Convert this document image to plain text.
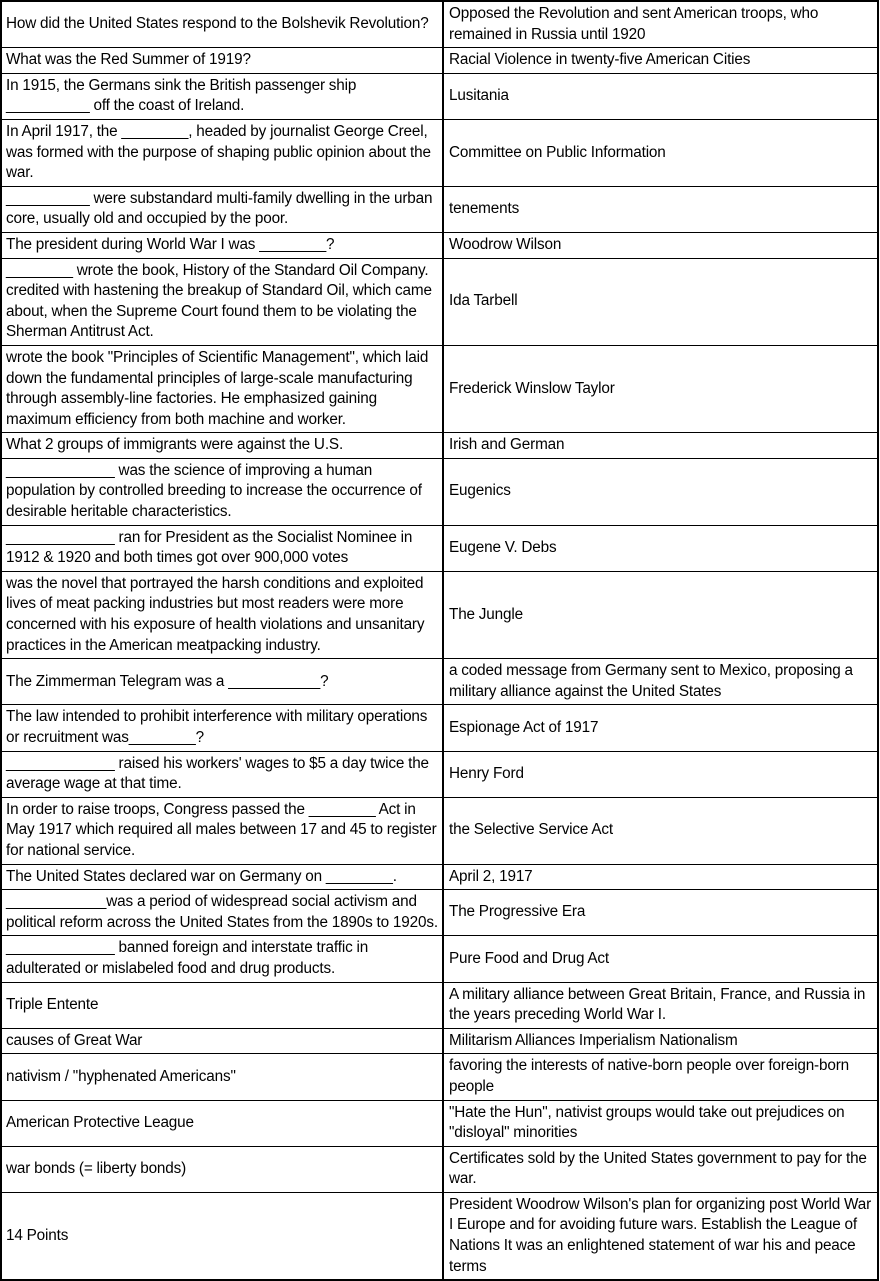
How did the United States respond to the Bolshevik Revolution?	Opposed the Revolution and sent American troops, who remained in Russia until 1920

What was the Red Summer of 1919?	Racial Violence in twenty-five American Cities

In 1915, the Germans sink the British passenger ship __________ off the coast of Ireland.	Lusitania

In April 1917, the ________, headed by journalist George Creel, was formed with the purpose of shaping public opinion about the war.	Committee on Public Information

__________ were substandard multi-family dwelling in the urban core, usually old and occupied by the poor.	tenements

The president during World War I was ________?	Woodrow Wilson

________ wrote the book, History of the Standard Oil Company. credited with hastening the breakup of Standard Oil, which came about, when the Supreme Court found them to be violating the Sherman Antitrust Act.	Ida Tarbell

wrote the book "Principles of Scientific Management", which laid down the fundamental principles of large-scale manufacturing through assembly-line factories. He emphasized gaining maximum efficiency from both machine and worker.	Frederick Winslow Taylor

What 2 groups of immigrants were against the U.S.	Irish and German

_____________ was the science of improving a human population by controlled breeding to increase the occurrence of desirable heritable characteristics.	Eugenics

_____________ ran for President as the Socialist Nominee in 1912 & 1920 and both times got over 900,000 votes	Eugene V. Debs

was the novel that portrayed the harsh conditions and exploited lives of meat packing industries but most readers were more concerned with his exposure of health violations and unsanitary practices in the American meatpacking industry.	The Jungle

The Zimmerman Telegram was a ___________?	a coded message from Germany sent to Mexico, proposing a military alliance against the United States

The law intended to prohibit interference with military operations or recruitment was________?	Espionage Act of 1917

_____________ raised his workers' wages to $5 a day twice the average wage at that time.	Henry Ford

In order to raise troops, Congress passed the ________ Act in May 1917 which required all males between 17 and 45 to register for national service.	the Selective Service Act

The United States declared war on Germany on ________.	April 2, 1917

____________was a period of widespread social activism and political reform across the United States from the 1890s to 1920s.	The Progressive Era

_____________ banned foreign and interstate traffic in adulterated or mislabeled food and drug products.	Pure Food and Drug Act

Triple Entente	A military alliance between Great Britain, France, and Russia in the years preceding World War I.

causes of Great War	Militarism Alliances Imperialism Nationalism

nativism / "hyphenated Americans"	favoring the interests of native-born people over foreign-born people

American Protective League	"Hate the Hun", nativist groups would take out prejudices on "disloyal" minorities

war bonds (= liberty bonds)	Certificates sold by the United States government to pay for the war.

14 Points	President Woodrow Wilson's plan for organizing post World War I Europe and for avoiding future wars. Establish the League of Nations It was an enlightened statement of war his and peace terms
